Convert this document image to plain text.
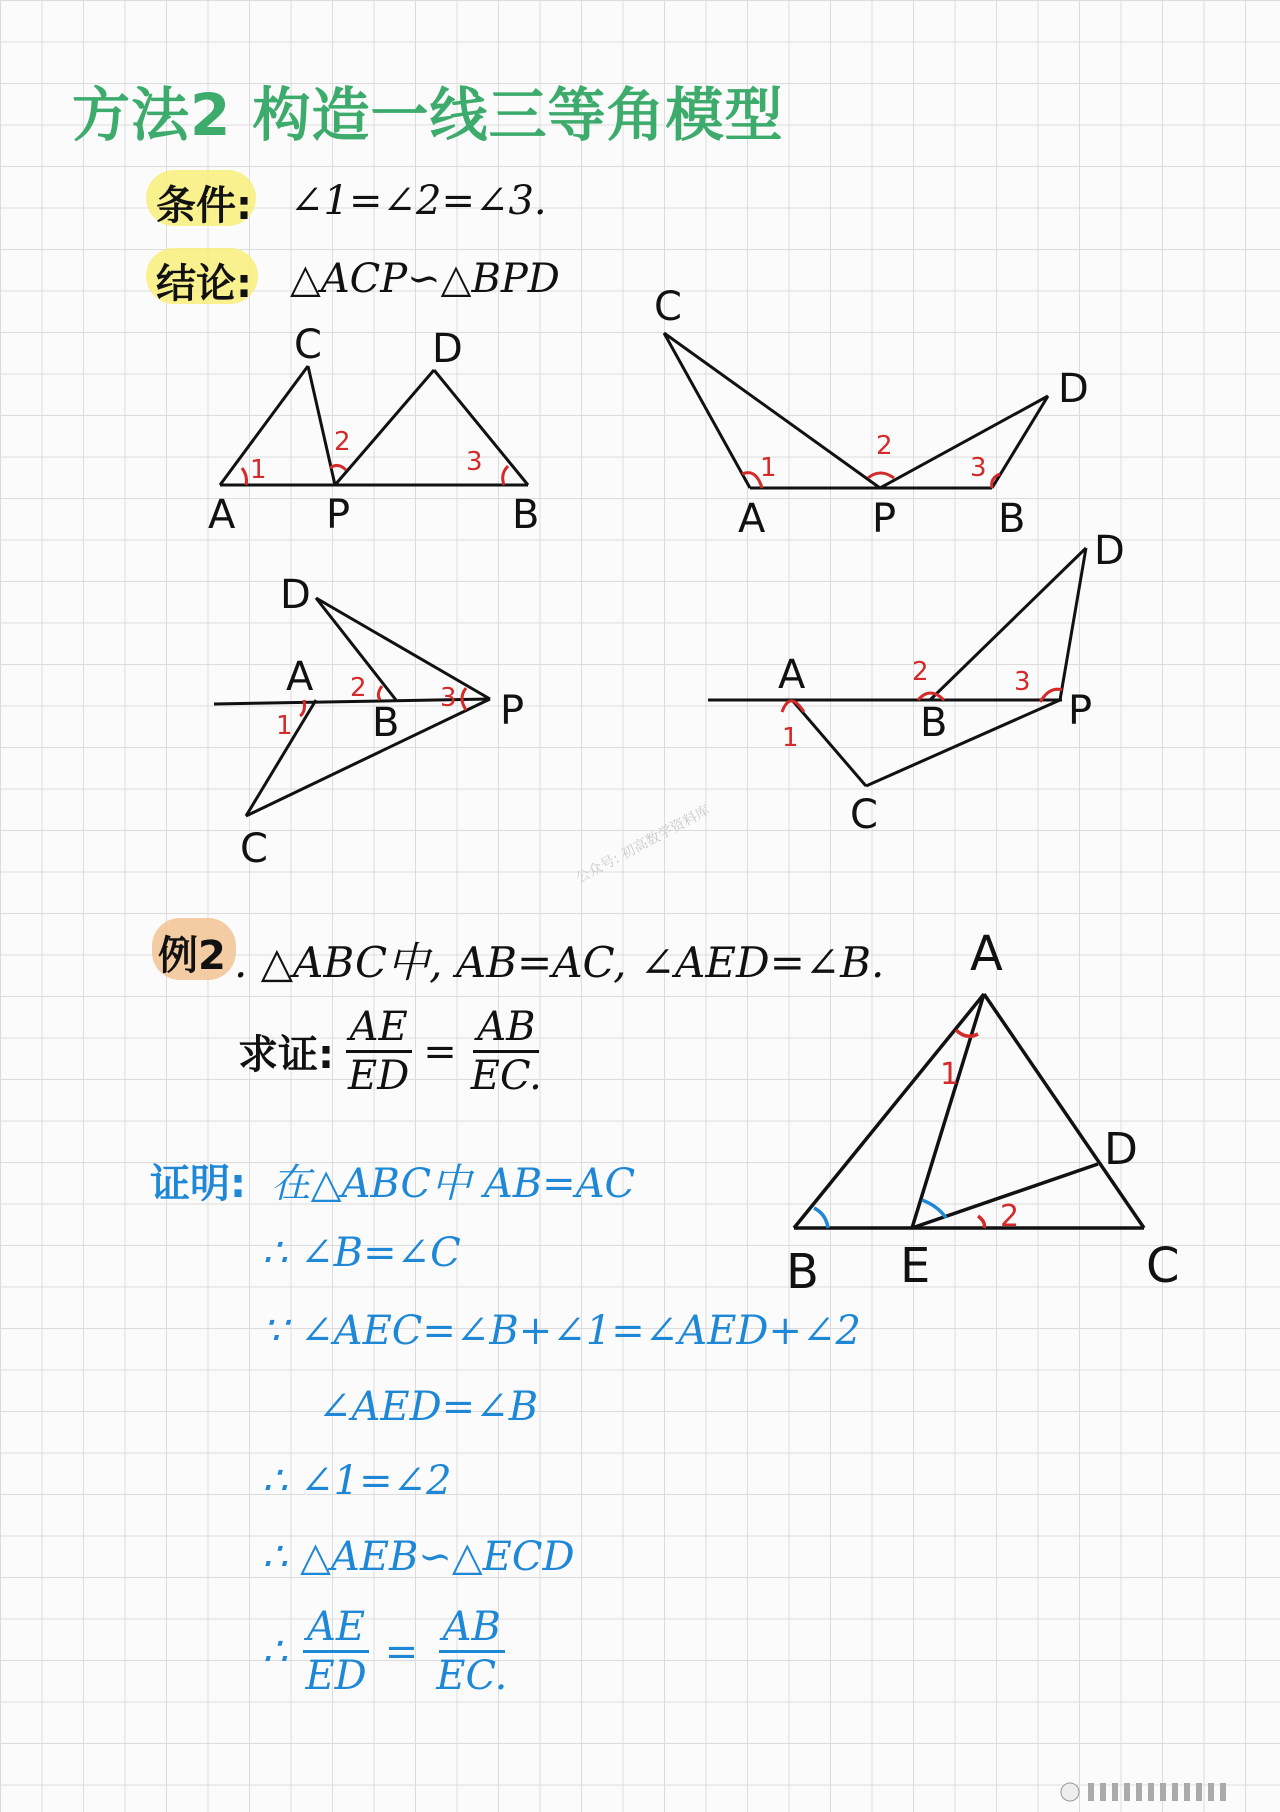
方法2 构造一线三等角模型
条件: ∠1=∠2=∠3.
结论: △ACP∽△BPD
A P	B
C	D
1
2
3
A	P	B
C
D
1
2
3
A
B	P
C
D
1
2	3	A
B	P
C
D
1
2	3
A
B	C
D
E
1
2
公众号: 初高数学资料库
例2 . △ABC中, AB=AC, ∠AED=∠B.
求证: $\frac{AE}{ED} = \frac{AB}{EC.}$
证明: 在△ABC中 AB=AC
∴ ∠B=∠C
∵ ∠AEC=∠B+∠1=∠AED+∠2
∠AED=∠B
∴ ∠1=∠2
∴ △AEB∽△ECD
∴ $\frac{AE}{ED} = \frac{AB}{EC.}$
